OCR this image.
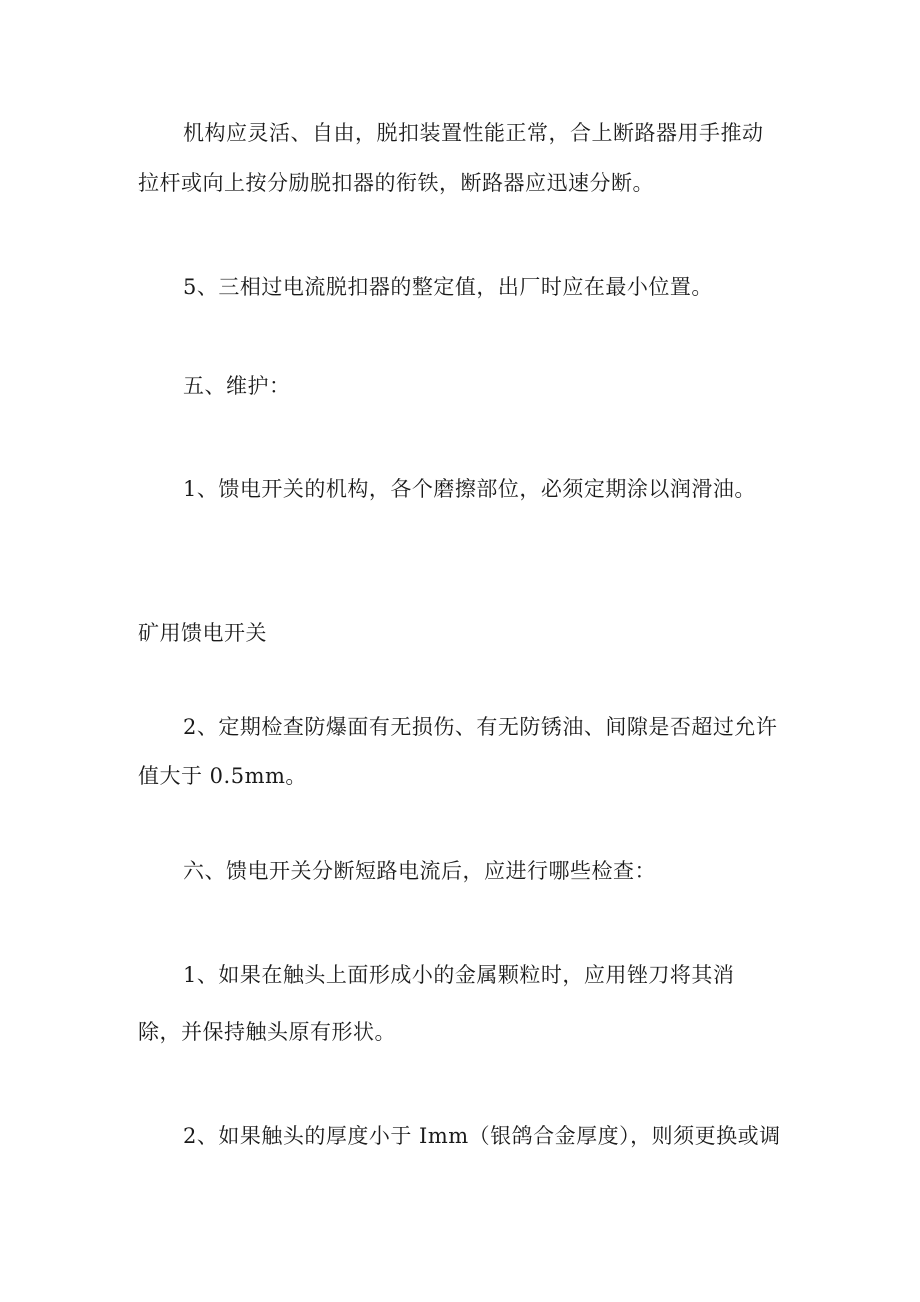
机构应灵活、自由，脱扣装置性能正常，合上断路器用手推动
拉杆或向上按分励脱扣器的衔铁，断路器应迅速分断。
5、三相过电流脱扣器的整定值，出厂时应在最小位置。
五、维护：
1、馈电开关的机构，各个磨擦部位，必须定期涂以润滑油。
矿用馈电开关
2、定期检查防爆面有无损伤、有无防锈油、间隙是否超过允许
值大于 0.5mm。
六、馈电开关分断短路电流后，应进行哪些检查：
1、如果在触头上面形成小的金属颗粒时，应用锉刀将其消
除，并保持触头原有形状。
2、如果触头的厚度小于 Imm（银鸽合金厚度），则须更换或调
